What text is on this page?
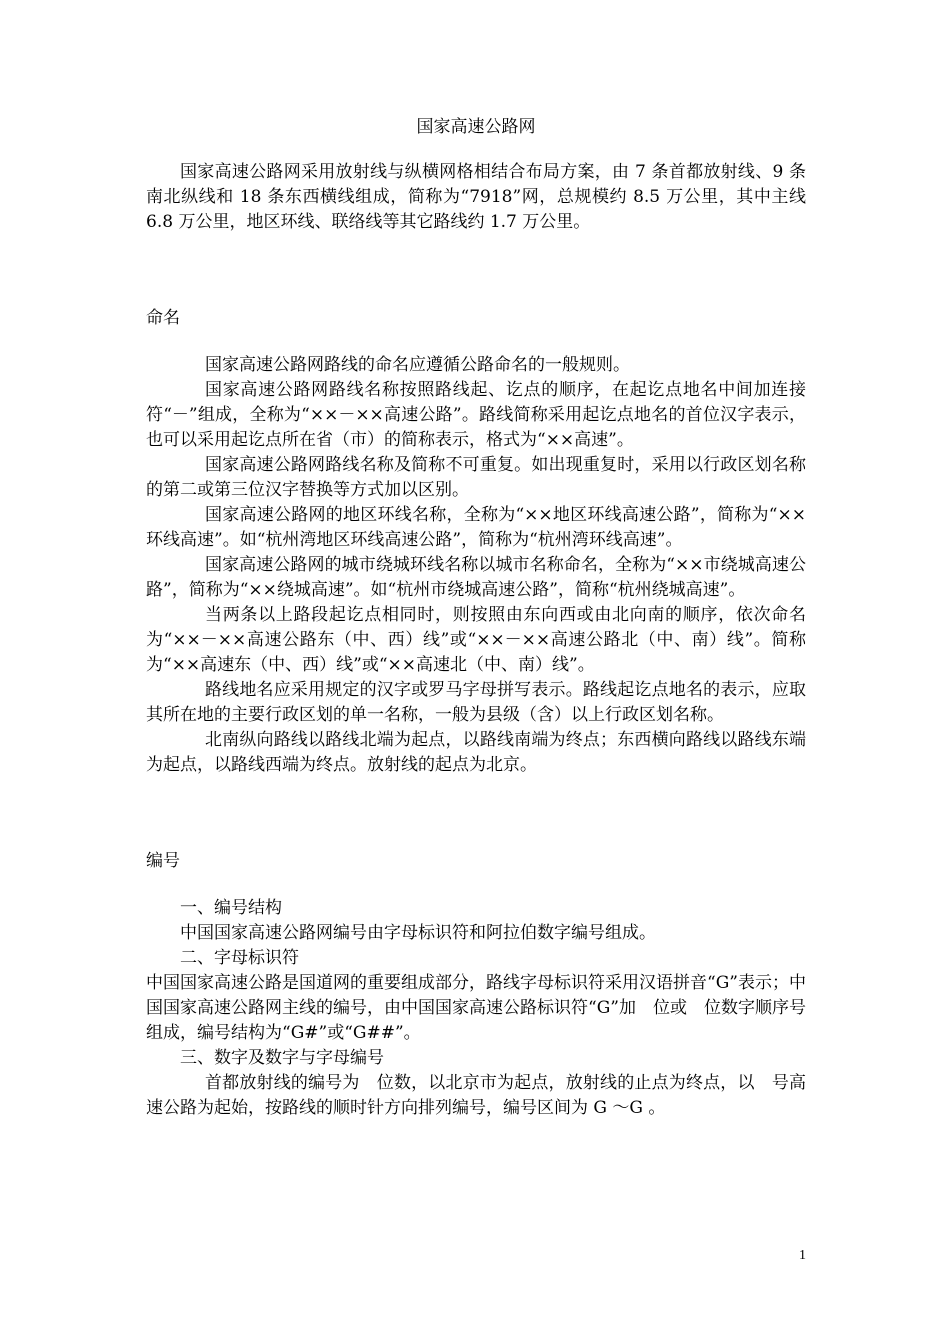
国家高速公路网

国家高速公路网采用放射线与纵横网格相结合布局方案，由 7 条首都放射线、9 条南北纵线和 18 条东西横线组成，简称为“7918”网，总规模约 8.5 万公里，其中主线 6.8 万公里，地区环线、联络线等其它路线约 1.7 万公里。

命名

国家高速公路网路线的命名应遵循公路命名的一般规则。

国家高速公路网路线名称按照路线起、讫点的顺序，在起讫点地名中间加连接符“－”组成，全称为“××－××高速公路”。路线简称采用起讫点地名的首位汉字表示，也可以采用起讫点所在省（市）的简称表示，格式为“××高速”。

国家高速公路网路线名称及简称不可重复。如出现重复时，采用以行政区划名称的第二或第三位汉字替换等方式加以区别。

国家高速公路网的地区环线名称，全称为“××地区环线高速公路”，简称为“××环线高速”。如“杭州湾地区环线高速公路”，简称为“杭州湾环线高速”。

国家高速公路网的城市绕城环线名称以城市名称命名，全称为“××市绕城高速公路”，简称为“××绕城高速”。如“杭州市绕城高速公路”，简称“杭州绕城高速”。

当两条以上路段起讫点相同时，则按照由东向西或由北向南的顺序，依次命名为“××－××高速公路东（中、西）线”或“××－××高速公路北（中、南）线”。简称为“××高速东（中、西）线”或“××高速北（中、南）线”。

路线地名应采用规定的汉字或罗马字母拼写表示。路线起讫点地名的表示，应取其所在地的主要行政区划的单一名称，一般为县级（含）以上行政区划名称。

北南纵向路线以路线北端为起点，以路线南端为终点；东西横向路线以路线东端为起点，以路线西端为终点。放射线的起点为北京。

编号

一、编号结构

中国国家高速公路网编号由字母标识符和阿拉伯数字编号组成。

二、字母标识符

中国国家高速公路是国道网的重要组成部分，路线字母标识符采用汉语拼音“G”表示；中国国家高速公路网主线的编号，由中国国家高速公路标识符“G”加　位或　位数字顺序号组成，编号结构为“G#”或“G##”。

三、数字及数字与字母编号

首都放射线的编号为　位数，以北京市为起点，放射线的止点为终点，以　号高速公路为起始，按路线的顺时针方向排列编号，编号区间为 G ～G 。

1
